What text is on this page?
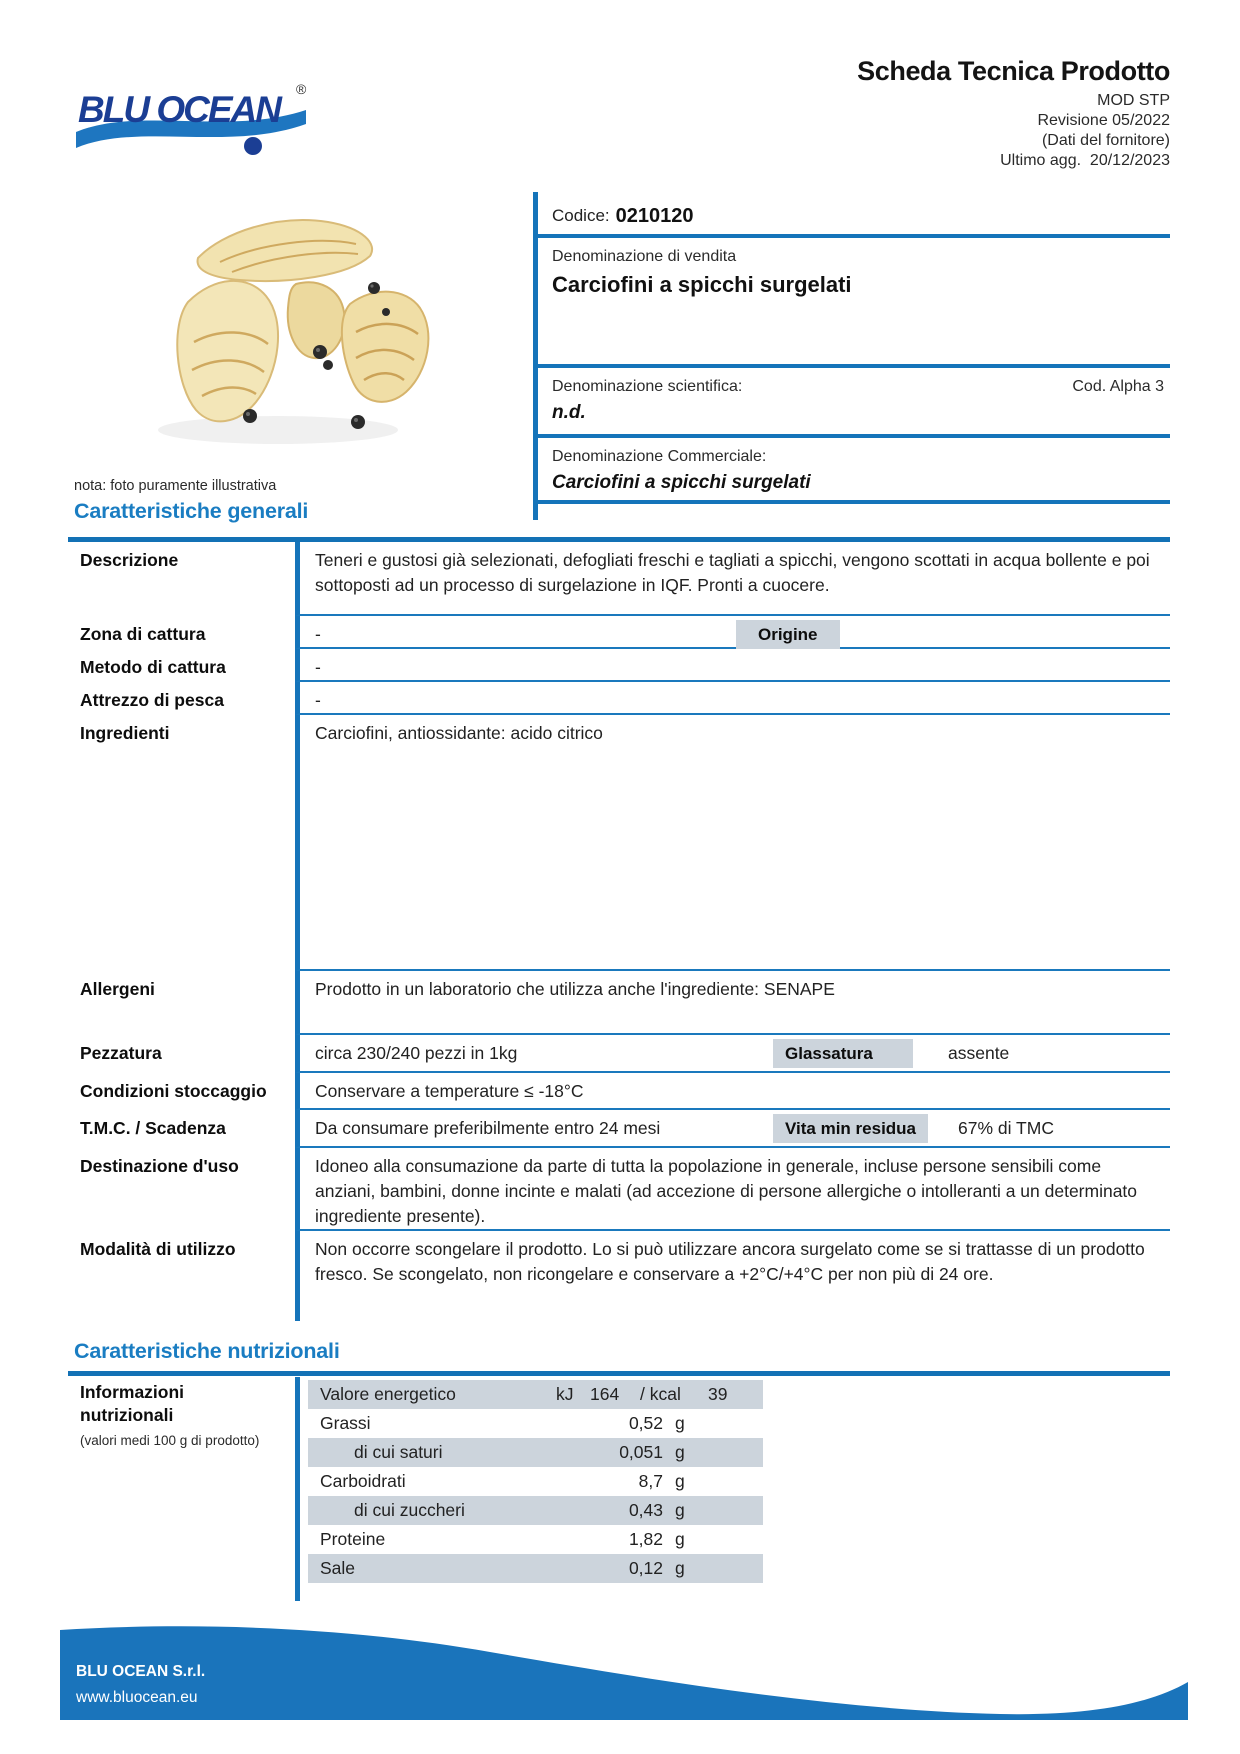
BLU OCEAN ®
Scheda Tecnica Prodotto
MOD STP
Revisione 05/2022
(Dati del fornitore)
Ultimo agg.  20/12/2023
nota: foto puramente illustrativa
Codice: 0210120
Denominazione di vendita
Carciofini a spicchi surgelati
Denominazione scientifica:	Cod. Alpha 3
n.d.
Denominazione Commerciale:
Carciofini a spicchi surgelati
Caratteristiche generali
Descrizione	Teneri e gustosi già selezionati, defogliati freschi e tagliati a spicchi, vengono scottati in acqua bollente e poi sottoposti ad un processo di surgelazione in IQF. Pronti a cuocere.
Zona di cattura	-	Origine
Metodo di cattura	-
Attrezzo di pesca	-
Ingredienti	Carciofini, antiossidante: acido citrico
Allergeni	Prodotto in un laboratorio che utilizza anche l'ingrediente: SENAPE
Pezzatura	circa 230/240 pezzi in 1kg	Glassatura	assente
Condizioni stoccaggio	Conservare a temperature ≤ -18°C
T.M.C. / Scadenza	Da consumare preferibilmente entro 24 mesi	Vita min residua	67% di TMC
Destinazione d'uso	Idoneo alla consumazione da parte di tutta la popolazione in generale, incluse persone sensibili come anziani, bambini, donne incinte e malati (ad accezione di persone allergiche o intolleranti a un determinato ingrediente presente).
Modalità di utilizzo	Non occorre scongelare il prodotto. Lo si può utilizzare ancora surgelato come se si trattasse di un prodotto fresco. Se scongelato, non ricongelare e conservare a +2°C/+4°C per non più di 24 ore.
Caratteristiche nutrizionali
Informazioni nutrizionali
(valori medi 100 g di prodotto)
Valore energetico	kJ 164 / kcal 39
Grassi	0,52 g
di cui saturi	0,051 g
Carboidrati	8,7 g
di cui zuccheri	0,43 g
Proteine	1,82 g
Sale	0,12 g
BLU OCEAN S.r.l.
www.bluocean.eu
